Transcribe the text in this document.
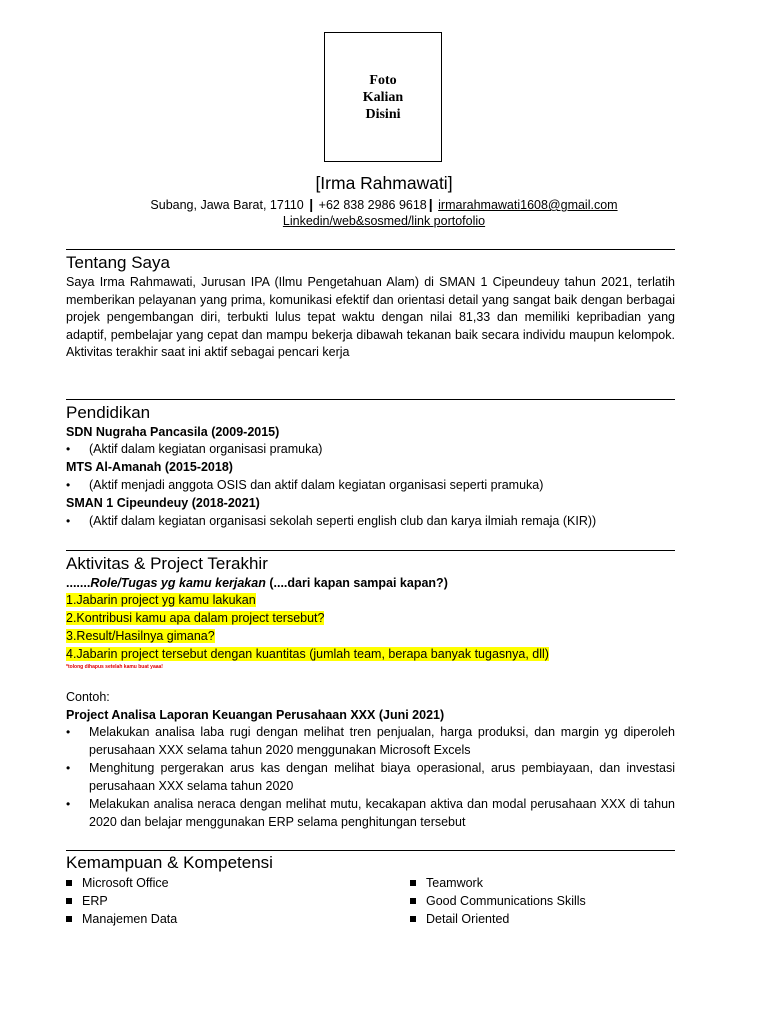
Foto
Kalian
Disini
[Irma Rahmawati]
Subang, Jawa Barat, 17110 | +62 838 2986 9618 | irmarahmawati1608@gmail.com
Linkedin/web&sosmed/link portofolio
Tentang Saya
Saya Irma Rahmawati, Jurusan IPA (Ilmu Pengetahuan Alam) di SMAN 1 Cipeundeuy tahun 2021, terlatih memberikan pelayanan yang prima, komunikasi efektif dan orientasi detail yang sangat baik dengan berbagai projek pengembangan diri, terbukti lulus tepat waktu dengan nilai 81,33 dan memiliki kepribadian yang adaptif, pembelajar yang cepat dan mampu bekerja dibawah tekanan baik secara individu maupun kelompok. Aktivitas terakhir saat ini aktif sebagai pencari kerja
Pendidikan
SDN Nugraha Pancasila (2009-2015)
•	(Aktif dalam kegiatan organisasi pramuka)
MTS Al-Amanah (2015-2018)
•	(Aktif menjadi anggota OSIS dan aktif dalam kegiatan organisasi seperti pramuka)
SMAN 1 Cipeundeuy (2018-2021)
•	(Aktif dalam kegiatan organisasi sekolah seperti english club dan karya ilmiah remaja (KIR))
Aktivitas & Project Terakhir
.......Role/Tugas yg kamu kerjakan (....dari kapan sampai kapan?)
1.Jabarin project yg kamu lakukan
2.Kontribusi kamu apa dalam project tersebut?
3.Result/Hasilnya gimana?
4.Jabarin project tersebut dengan kuantitas (jumlah team, berapa banyak tugasnya, dll)
*tolong dihapus setelah kamu buat yaaa!
Contoh:
Project Analisa Laporan Keuangan Perusahaan XXX (Juni 2021)
•	Melakukan analisa laba rugi dengan melihat tren penjualan, harga produksi, dan margin yg diperoleh perusahaan XXX selama tahun 2020 menggunakan Microsoft Excels
•	Menghitung pergerakan arus kas dengan melihat biaya operasional, arus pembiayaan, dan investasi perusahaan XXX selama tahun 2020
•	Melakukan analisa neraca dengan melihat mutu, kecakapan aktiva dan modal perusahaan XXX di tahun 2020 dan belajar menggunakan ERP selama penghitungan tersebut
Kemampuan & Kompetensi
Microsoft Office
ERP
Manajemen Data
Teamwork
Good Communications Skills
Detail Oriented
